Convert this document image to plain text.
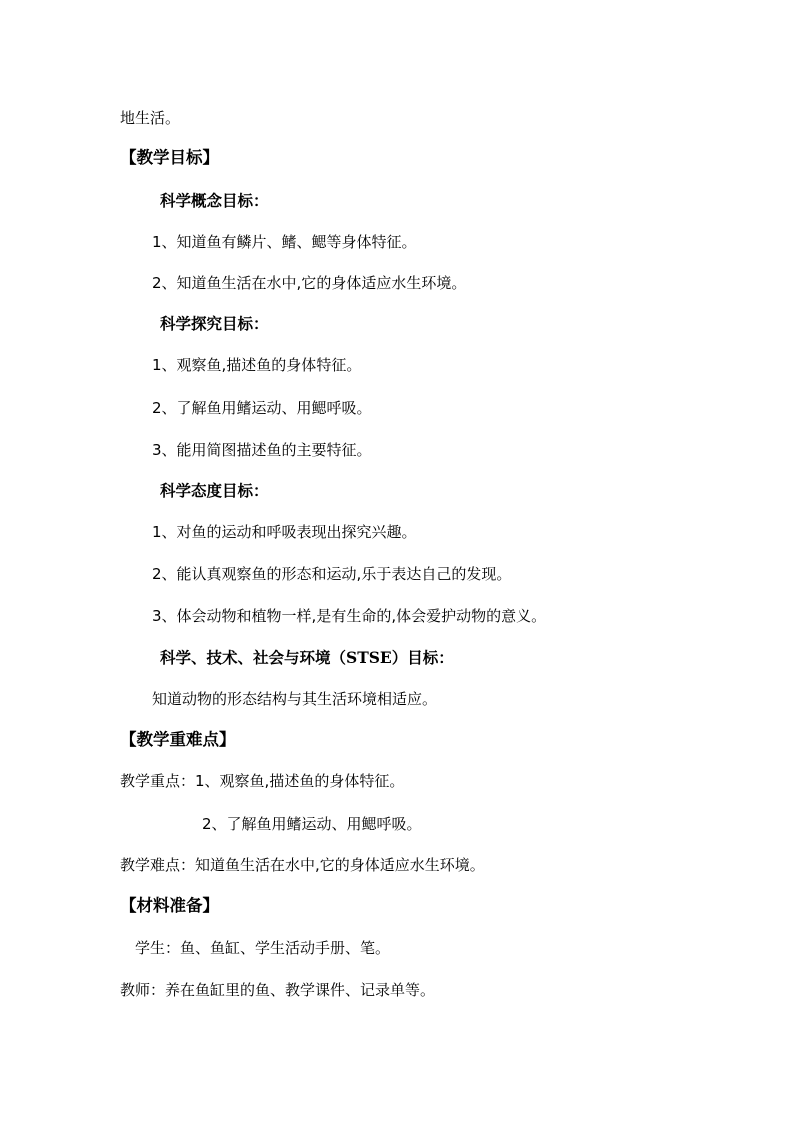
地生活。
【教学目标】
科学概念目标：
1、知道鱼有鳞片、鳍、鳃等身体特征。
2、知道鱼生活在水中,它的身体适应水生环境。
科学探究目标：
1、观察鱼,描述鱼的身体特征。
2、了解鱼用鳍运动、用鳃呼吸。
3、能用简图描述鱼的主要特征。
科学态度目标：
1、对鱼的运动和呼吸表现出探究兴趣。
2、能认真观察鱼的形态和运动,乐于表达自己的发现。
3、体会动物和植物一样,是有生命的,体会爱护动物的意义。
科学、技术、社会与环境（STSE）目标：
知道动物的形态结构与其生活环境相适应。
【教学重难点】
教学重点：1、观察鱼,描述鱼的身体特征。
2、了解鱼用鳍运动、用鳃呼吸。
教学难点：知道鱼生活在水中,它的身体适应水生环境。
【材料准备】
学生：鱼、鱼缸、学生活动手册、笔。
教师：养在鱼缸里的鱼、教学课件、记录单等。
